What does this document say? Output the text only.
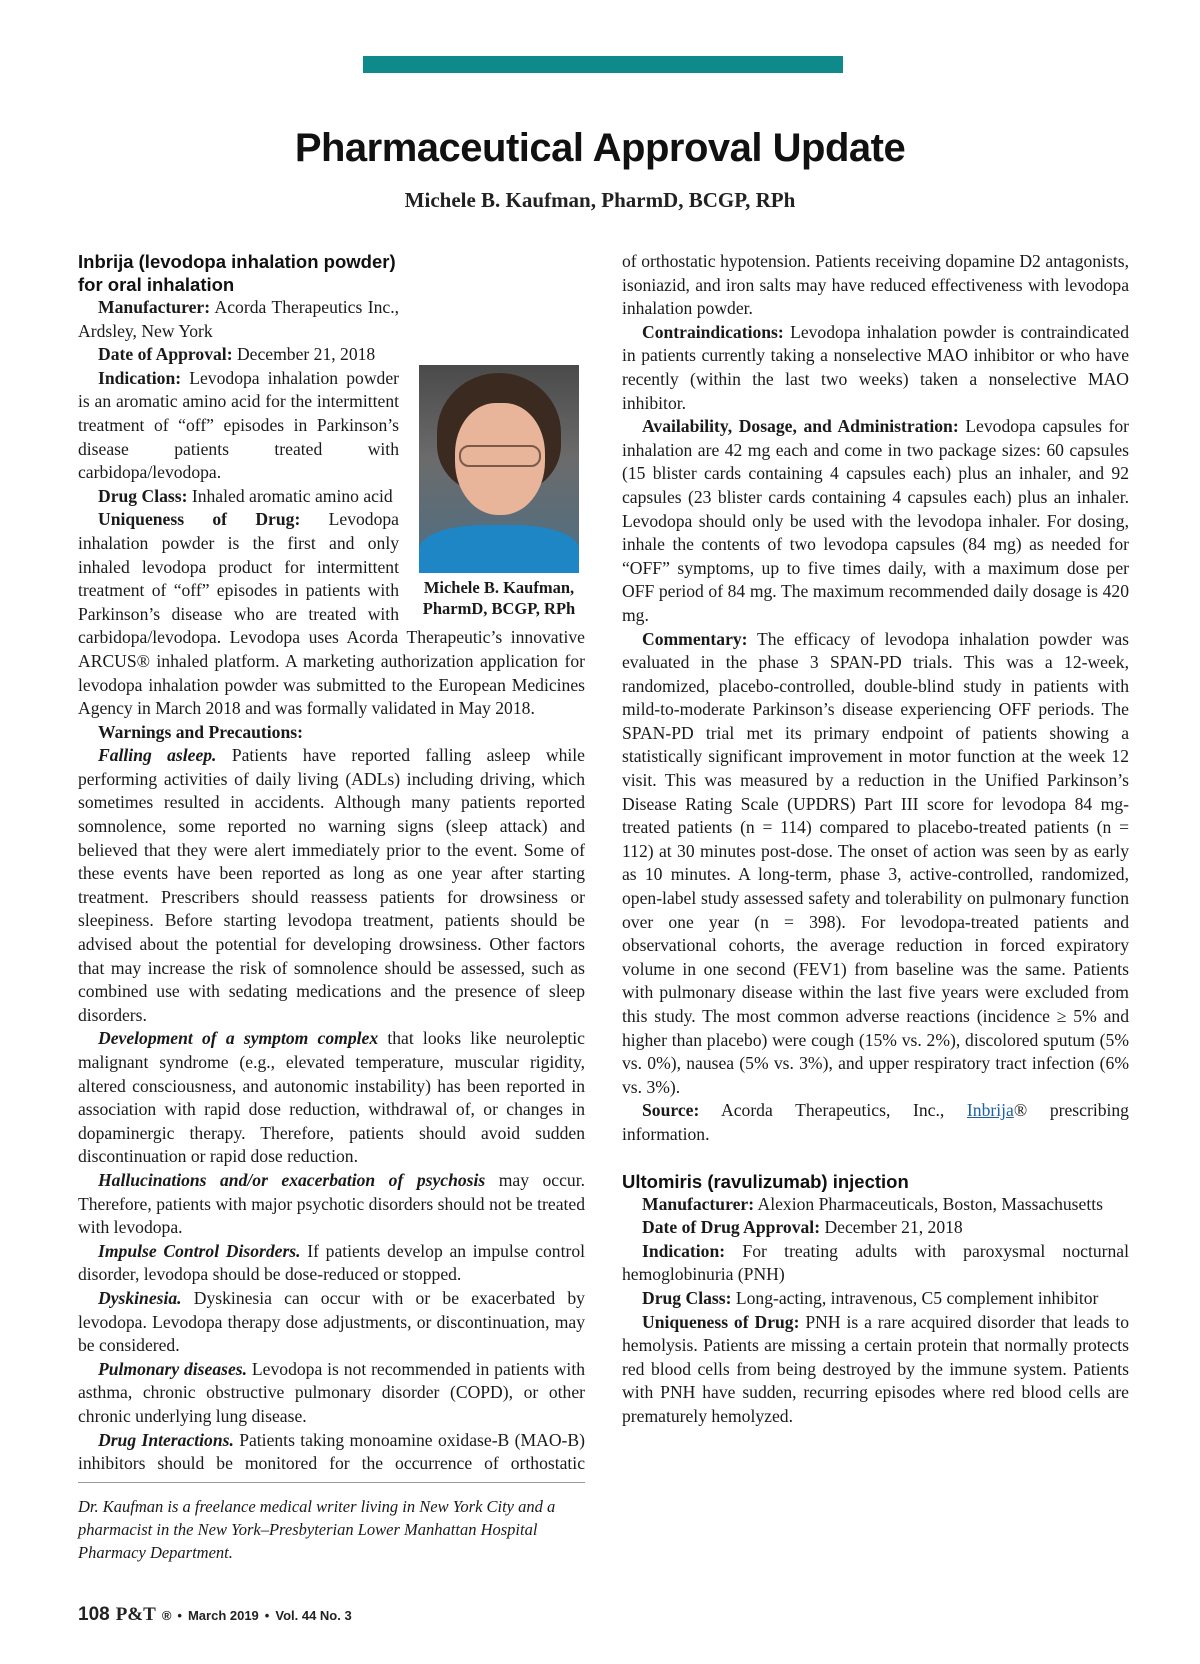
Pharmaceutical Approval Update
Michele B. Kaufman, PharmD, BCGP, RPh
Michele B. Kaufman,
PharmD, BCGP, RPh
Inbrija (levodopa inhalation powder) for oral inhalation

Manufacturer: Acorda Therapeutics Inc., Ardsley, New York

Date of Approval: December 21, 2018

Indication: Levodopa inhalation powder is an aromatic amino acid for the intermittent treatment of “off” episodes in Parkinson’s disease patients treated with carbidopa/levodopa.

Drug Class: Inhaled aromatic amino acid

Uniqueness of Drug: Levodopa inhalation powder is the first and only inhaled levodopa product for intermittent treatment of “off” episodes in patients with Parkinson’s disease who are treated with carbidopa/levodopa. Levodopa uses Acorda Therapeutic’s innovative ARCUS® inhaled platform. A marketing authorization application for levodopa inhalation powder was submitted to the European Medicines Agency in March 2018 and was formally validated in May 2018.

Warnings and Precautions:

Falling asleep. Patients have reported falling asleep while performing activities of daily living (ADLs) including driving, which sometimes resulted in accidents. Although many patients reported somnolence, some reported no warning signs (sleep attack) and believed that they were alert immediately prior to the event. Some of these events have been reported as long as one year after starting treatment. Prescribers should reassess patients for drowsiness or sleepiness. Before starting levodopa treatment, patients should be advised about the potential for developing drowsiness. Other factors that may increase the risk of somnolence should be assessed, such as combined use with sedating medications and the presence of sleep disorders.

Development of a symptom complex that looks like neuroleptic malignant syndrome (e.g., elevated temperature, muscular rigidity, altered consciousness, and autonomic instability) has been reported in association with rapid dose reduction, withdrawal of, or changes in dopaminergic therapy. Therefore, patients should avoid sudden discontinuation or rapid dose reduction.

Hallucinations and/or exacerbation of psychosis may occur. Therefore, patients with major psychotic disorders should not be treated with levodopa.

Impulse Control Disorders. If patients develop an impulse control disorder, levodopa should be dose-reduced or stopped.

Dyskinesia. Dyskinesia can occur with or be exacerbated by levodopa. Levodopa therapy dose adjustments, or discontinuation, may be considered.

Pulmonary diseases. Levodopa is not recommended in patients with asthma, chronic obstructive pulmonary disorder (COPD), or other chronic underlying lung disease.

Drug Interactions. Patients taking monoamine oxidase-B (MAO-B) inhibitors should be monitored for the occurrence of orthostatic

of orthostatic hypotension. Patients receiving dopamine D2 antagonists, isoniazid, and iron salts may have reduced effectiveness with levodopa inhalation powder.

Contraindications: Levodopa inhalation powder is contraindicated in patients currently taking a nonselective MAO inhibitor or who have recently (within the last two weeks) taken a nonselective MAO inhibitor.

Availability, Dosage, and Administration: Levodopa capsules for inhalation are 42 mg each and come in two package sizes: 60 capsules (15 blister cards containing 4 capsules each) plus an inhaler, and 92 capsules (23 blister cards containing 4 capsules each) plus an inhaler. Levodopa should only be used with the levodopa inhaler. For dosing, inhale the contents of two levodopa capsules (84 mg) as needed for “OFF” symptoms, up to five times daily, with a maximum dose per OFF period of 84 mg. The maximum recommended daily dosage is 420 mg.

Commentary: The efficacy of levodopa inhalation powder was evaluated in the phase 3 SPAN-PD trials. This was a 12-week, randomized, placebo-controlled, double-blind study in patients with mild-to-moderate Parkinson’s disease experiencing OFF periods. The SPAN-PD trial met its primary endpoint of patients showing a statistically significant improvement in motor function at the week 12 visit. This was measured by a reduction in the Unified Parkinson’s Disease Rating Scale (UPDRS) Part III score for levodopa 84 mg-treated patients (n = 114) compared to placebo-treated patients (n = 112) at 30 minutes post-dose. The onset of action was seen by as early as 10 minutes. A long-term, phase 3, active-controlled, randomized, open-label study assessed safety and tolerability on pulmonary function over one year (n = 398). For levodopa-treated patients and observational cohorts, the average reduction in forced expiratory volume in one second (FEV1) from baseline was the same. Patients with pulmonary disease within the last five years were excluded from this study. The most common adverse reactions (incidence ≥ 5% and higher than placebo) were cough (15% vs. 2%), discolored sputum (5% vs. 0%), nausea (5% vs. 3%), and upper respiratory tract infection (6% vs. 3%).

Source: Acorda Therapeutics, Inc., Inbrija® prescribing information.

Ultomiris (ravulizumab) injection

Manufacturer: Alexion Pharmaceuticals, Boston, Massachusetts

Date of Drug Approval: December 21, 2018

Indication: For treating adults with paroxysmal nocturnal hemoglobinuria (PNH)

Drug Class: Long-acting, intravenous, C5 complement inhibitor

Uniqueness of Drug: PNH is a rare acquired disorder that leads to hemolysis. Patients are missing a certain protein that normally protects red blood cells from being destroyed by the immune system. Patients with PNH have sudden, recurring episodes where red blood cells are prematurely hemolyzed.

Dr. Kaufman is a freelance medical writer living in New York City and a pharmacist in the New York–Presbyterian Lower Manhattan Hospital Pharmacy Department.

108 P&T ® • March 2019 • Vol. 44 No. 3
